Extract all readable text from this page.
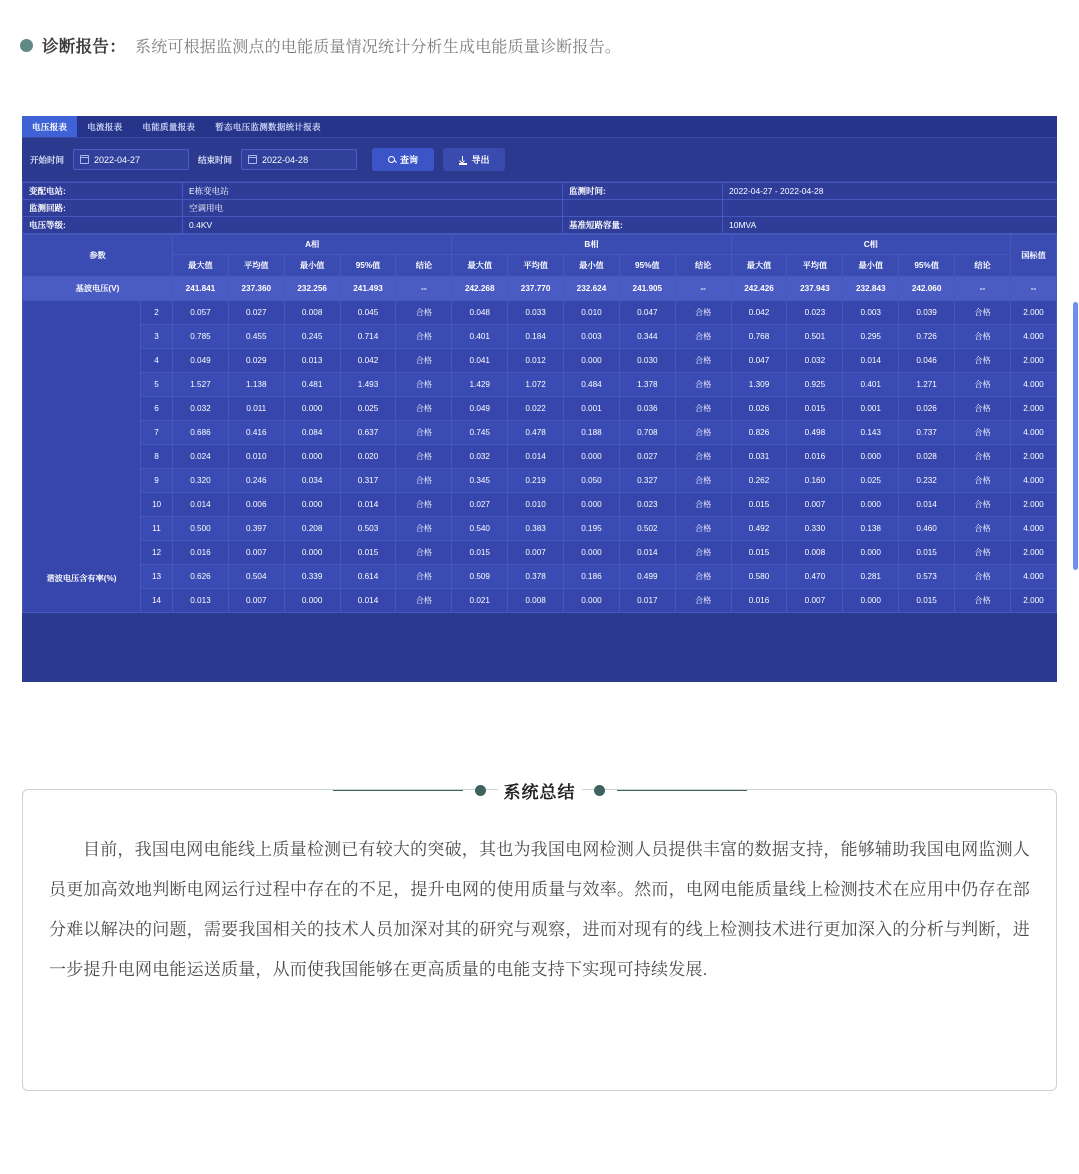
诊断报告： 系统可根据监测点的电能质量情况统计分析生成电能质量诊断报告。
电压报表	电流报表	电能质量报表	暂态电压监测数据统计报表
开始时间	2022-04-27	结束时间	2022-04-28	查询	导出
变配电站:	E栋变电站	监测时间:	2022-04-27 - 2022-04-28
监测回路:	空调用电		
电压等级:	0.4KV	基准短路容量:	10MVA
参数		A相					B相					C相					国标值
		最大值	平均值	最小值	95%值	结论	最大值	平均值	最小值	95%值	结论	最大值	平均值	最小值	95%值	结论	
基波电压(V)		241.841	237.360	232.256	241.493	--	242.268	237.770	232.624	241.905	--	242.426	237.943	232.843	242.060	--	--
谐波电压含有率(%)	2	0.057	0.027	0.008	0.045	合格	0.048	0.033	0.010	0.047	合格	0.042	0.023	0.003	0.039	合格	2.000
	3	0.785	0.455	0.245	0.714	合格	0.401	0.184	0.003	0.344	合格	0.768	0.501	0.295	0.726	合格	4.000
	4	0.049	0.029	0.013	0.042	合格	0.041	0.012	0.000	0.030	合格	0.047	0.032	0.014	0.046	合格	2.000
	5	1.527	1.138	0.481	1.493	合格	1.429	1.072	0.484	1.378	合格	1.309	0.925	0.401	1.271	合格	4.000
	6	0.032	0.011	0.000	0.025	合格	0.049	0.022	0.001	0.036	合格	0.026	0.015	0.001	0.026	合格	2.000
	7	0.686	0.416	0.084	0.637	合格	0.745	0.478	0.188	0.708	合格	0.826	0.498	0.143	0.737	合格	4.000
	8	0.024	0.010	0.000	0.020	合格	0.032	0.014	0.000	0.027	合格	0.031	0.016	0.000	0.028	合格	2.000
	9	0.320	0.246	0.034	0.317	合格	0.345	0.219	0.050	0.327	合格	0.262	0.160	0.025	0.232	合格	4.000
	10	0.014	0.006	0.000	0.014	合格	0.027	0.010	0.000	0.023	合格	0.015	0.007	0.000	0.014	合格	2.000
	11	0.500	0.397	0.208	0.503	合格	0.540	0.383	0.195	0.502	合格	0.492	0.330	0.138	0.460	合格	4.000
	12	0.016	0.007	0.000	0.015	合格	0.015	0.007	0.000	0.014	合格	0.015	0.008	0.000	0.015	合格	2.000
	13	0.626	0.504	0.339	0.614	合格	0.509	0.378	0.186	0.499	合格	0.580	0.470	0.281	0.573	合格	4.000
	14	0.013	0.007	0.000	0.014	合格	0.021	0.008	0.000	0.017	合格	0.016	0.007	0.000	0.015	合格	2.000
系统总结

目前，我国电网电能线上质量检测已有较大的突破，其也为我国电网检测人员提供丰富的数据支持，能够辅助我国电网监测人员更加高效地判断电网运行过程中存在的不足，提升电网的使用质量与效率。然而，电网电能质量线上检测技术在应用中仍存在部分难以解决的问题，需要我国相关的技术人员加深对其的研究与观察，进而对现有的线上检测技术进行更加深入的分析与判断，进一步提升电网电能运送质量，从而使我国能够在更高质量的电能支持下实现可持续发展.
